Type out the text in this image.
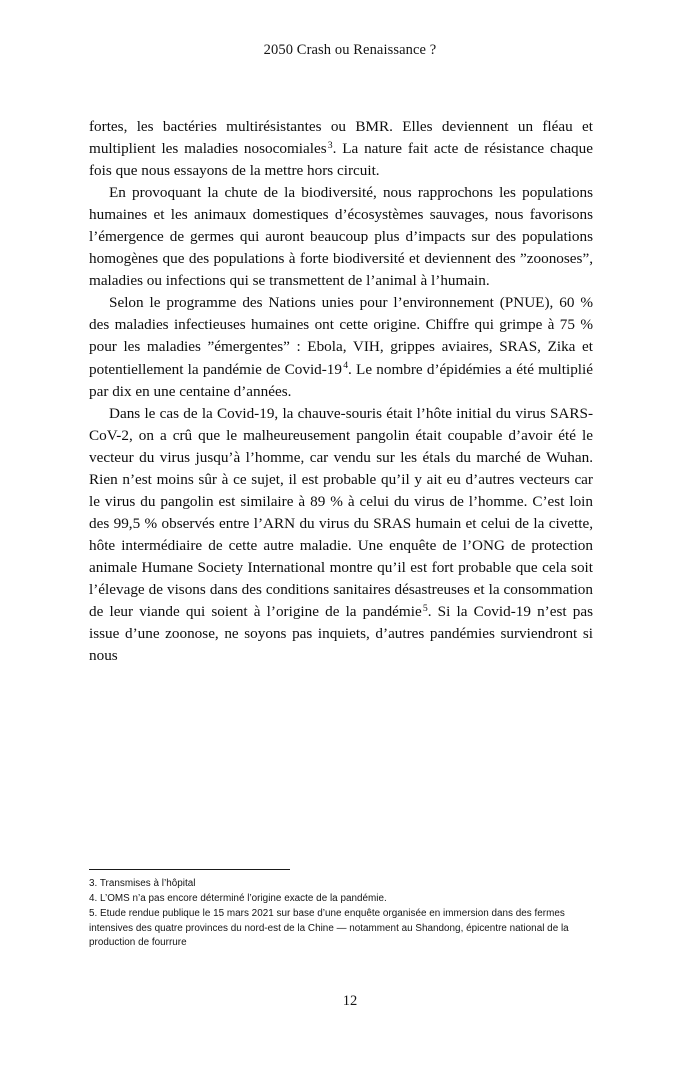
2050 Crash ou Renaissance ?

fortes, les bactéries multirésistantes ou BMR. Elles deviennent un fléau et multiplient les maladies nosocomiales$^3$. La nature fait acte de résistance chaque fois que nous essayons de la mettre hors circuit.

En provoquant la chute de la biodiversité, nous rapprochons les populations humaines et les animaux domestiques d’écosystèmes sauvages, nous favorisons l’émergence de germes qui auront beaucoup plus d’impacts sur des populations homogènes que des populations à forte biodiversité et deviennent des ”zoonoses”, maladies ou infections qui se transmettent de l’animal à l’humain.

Selon le programme des Nations unies pour l’environnement (PNUE), 60 % des maladies infectieuses humaines ont cette origine. Chiffre qui grimpe à 75 % pour les maladies ”émergentes” : Ebola, VIH, grippes aviaires, SRAS, Zika et potentiellement la pandémie de Covid-19$^4$. Le nombre d’épidémies a été multiplié par dix en une centaine d’années.

Dans le cas de la Covid-19, la chauve-souris était l’hôte initial du virus SARS-CoV-2, on a crû que le malheureusement pangolin était coupable d’avoir été le vecteur du virus jusqu’à l’homme, car vendu sur les étals du marché de Wuhan. Rien n’est moins sûr à ce sujet, il est probable qu’il y ait eu d’autres vecteurs car le virus du pangolin est similaire à 89 % à celui du virus de l’homme. C’est loin des 99,5 % observés entre l’ARN du virus du SRAS humain et celui de la civette, hôte intermédiaire de cette autre maladie. Une enquête de l’ONG de protection animale Humane Society International montre qu’il est fort probable que cela soit l’élevage de visons dans des conditions sanitaires désastreuses et la consommation de leur viande qui soient à l’origine de la pandémie$^5$. Si la Covid-19 n’est pas issue d’une zoonose, ne soyons pas inquiets, d’autres pandémies surviendront si nous

3. Transmises à l’hôpital

4. L’OMS n’a pas encore déterminé l’origine exacte de la pandémie.

5. Etude rendue publique le 15 mars 2021 sur base d’une enquête organisée en immersion dans des fermes intensives des quatre provinces du nord-est de la Chine — notamment au Shandong, épicentre national de la production de fourrure

12
